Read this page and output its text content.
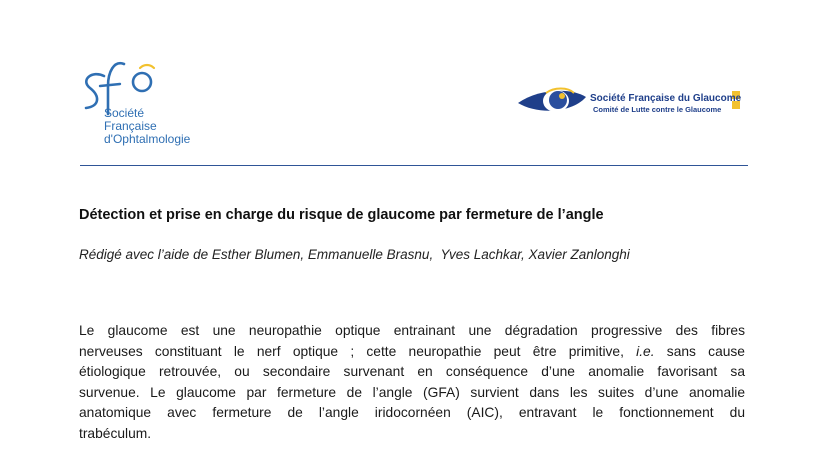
Société
Française
d'Ophtalmologie
Société Française du Glaucome
Comité de Lutte contre le Glaucome
Détection et prise en charge du risque de glaucome par fermeture de l’angle
Rédigé avec l’aide de Esther Blumen, Emmanuelle Brasnu,  Yves Lachkar, Xavier Zanlonghi
Le glaucome est une neuropathie optique entrainant une dégradation progressive des fibres
nerveuses constituant le nerf optique ; cette neuropathie peut être primitive, i.e. sans cause
étiologique retrouvée, ou secondaire survenant en conséquence d’une anomalie favorisant sa
survenue. Le glaucome par fermeture de l’angle (GFA) survient dans les suites d’une anomalie
anatomique avec fermeture de l’angle iridocornéen (AIC), entravant le fonctionnement du
trabéculum.
